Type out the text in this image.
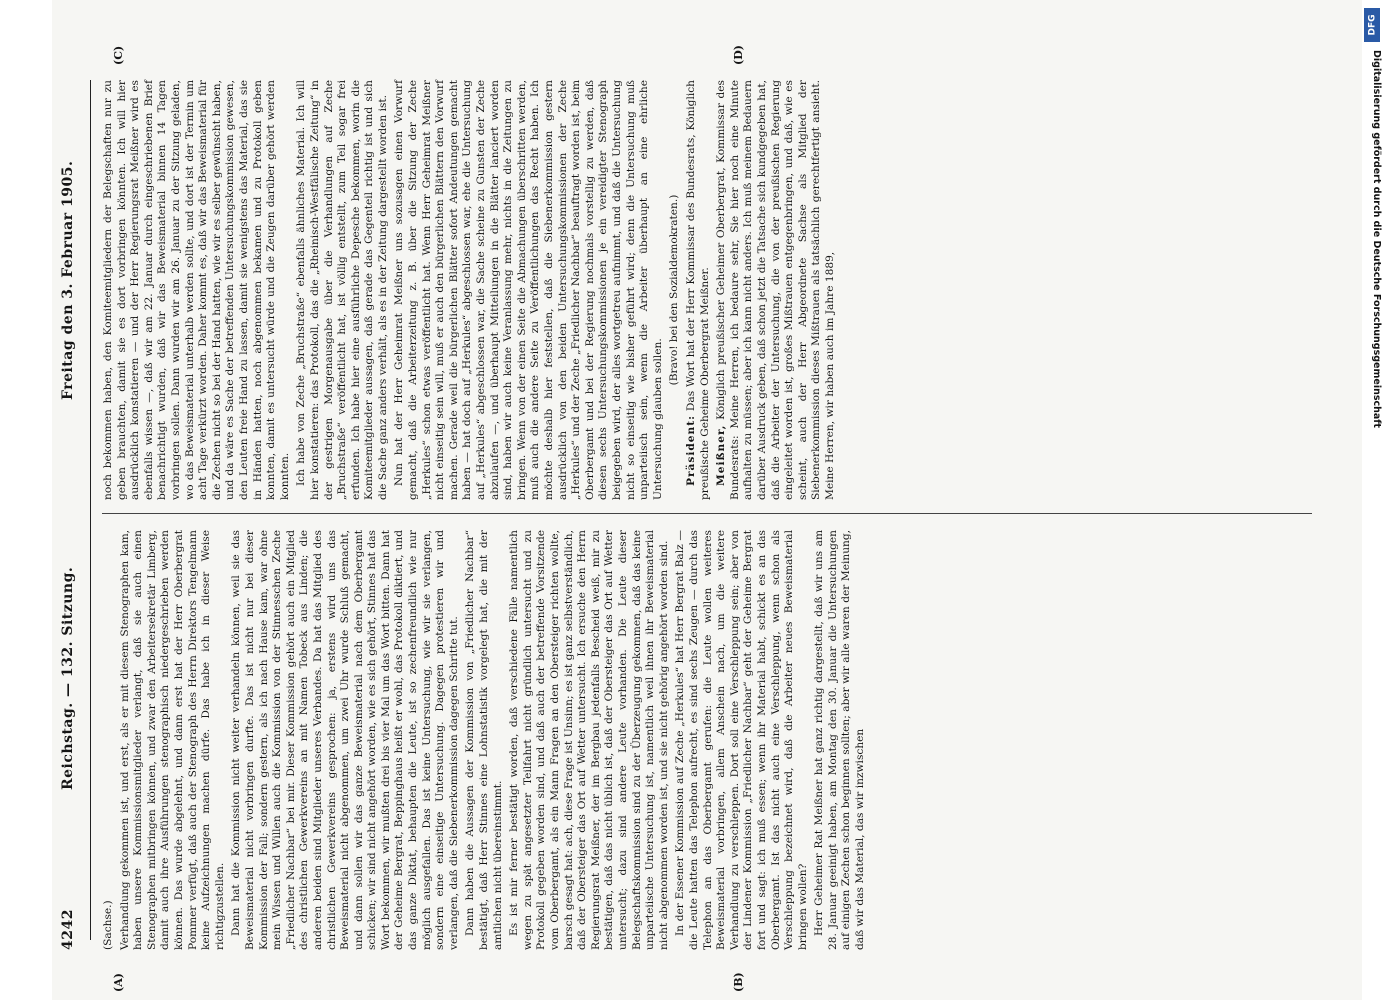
4242
Reichstag. — 132. Sitzung.
Freitag den 3. Februar 1905.

(Sachse.) Verhandlung gekommen ist, und erst, als er mit diesem Stenographen kam, haben unsere Kommissionsmitglieder verlangt, daß sie auch einen Stenographen mitbringen können, und zwar den Arbeitersekretär Limberg, damit auch ihre Ausführungen stenographisch niedergeschrieben werden können. Das wurde abgelehnt, und dann erst hat der Herr Oberbergrat Pommer verfügt, daß auch der Stenograph des Herrn Direktors Tengelmann keine Aufzeichnungen machen dürfe. Das habe ich in dieser Weise richtigzustellen. Dann hat die Kommission nicht weiter verhandeln können, weil sie das Beweismaterial nicht vorbringen durfte. Das ist nicht nur bei dieser Kommission der Fall; sondern gestern, als ich nach Hause kam, war ohne mein Wissen und Willen auch die Kommission von der Stinnesschen Zeche „Friedlicher Nachbar“ bei mir. Dieser Kommission gehört auch ein Mitglied des christlichen Gewerkvereins an mit Namen Tobeck aus Linden; die anderen beiden sind Mitglieder unseres Verbandes. Da hat das Mitglied des christlichen Gewerkvereins gesprochen: ja, erstens wird uns das Beweismaterial nicht abgenommen, um zwei Uhr wurde Schluß gemacht, und dann sollen wir das ganze Beweismaterial nach dem Oberbergamt schicken; wir sind nicht angehört worden, wie es sich gehört, Stinnes hat das Wort bekommen, wir mußten drei bis vier Mal um das Wort bitten. Dann hat der Geheime Bergrat, Beppinghaus heißt er wohl, das Protokoll diktiert, und das ganze Diktat, behaupten die Leute, ist so zechenfreundlich wie nur möglich ausgefallen. Das ist keine Untersuchung, wie wir sie verlangen, sondern eine einseitige Untersuchung. Dagegen protestieren wir und verlangen, daß die Siebenerkommission dagegen Schritte tut. Dann haben die Aussagen der Kommission von „Friedlicher Nachbar“ bestätigt, daß Herr Stinnes eine Lohnstatistik vorgelegt hat, die mit der amtlichen nicht übereinstimmt. Es ist mir ferner bestätigt worden, daß verschiedene Fälle namentlich wegen zu spät angesetzter Teilfahrt nicht gründlich untersucht und zu Protokoll gegeben worden sind, und daß auch der betreffende Vorsitzende vom Oberbergamt, als ein Mann Fragen an den Obersteiger richten wollte, barsch gesagt hat: ach, diese Frage ist Unsinn; es ist ganz selbstverständlich, daß der Obersteiger das Ort auf Wetter untersucht. Ich ersuche den Herrn Regierungsrat Meißner, der im Bergbau jedenfalls Bescheid weiß, mir zu bestätigen, daß das nicht üblich ist, daß der Obersteiger das Ort auf Wetter untersucht; dazu sind andere Leute vorhanden. Die Leute dieser Belegschaftskommission sind zu der Überzeugung gekommen, daß das keine unparteiische Untersuchung ist, namentlich weil ihnen ihr Beweismaterial nicht abgenommen worden ist, und sie nicht gehörig angehört worden sind. In der Essener Kommission auf Zeche „Herkules“ hat Herr Bergrat Balz — die Leute hatten das Telephon aufrecht, es sind sechs Zeugen — durch das Telephon an das Oberbergamt gerufen: die Leute wollen weiteres Beweismaterial vorbringen, allem Anschein nach, um die weitere Verhandlung zu verschleppen. Dort soll eine Verschleppung sein; aber von der Lindener Kommission „Friedlicher Nachbar“ geht der Geheime Bergrat fort und sagt: ich muß essen; wenn ihr Material habt, schickt es an das Oberbergamt. Ist das nicht auch eine Verschleppung, wenn schon als Verschleppung bezeichnet wird, daß die Arbeiter neues Beweismaterial bringen wollen? Herr Geheimer Rat Meißner hat ganz richtig dargestellt, daß wir uns am 28. Januar geeinigt haben, am Montag den 30. Januar die Untersuchungen auf einigen Zechen schon beginnen sollten; aber wir alle waren der Meinung, daß wir das Material, das wir inzwischen

noch bekommen haben, den Komiteemitgliedern der Belegschaften nur zu geben brauchten, damit sie es dort vorbringen könnten. Ich will hier ausdrücklich konstatieren — und der Herr Regierungsrat Meißner wird es ebenfalls wissen —, daß wir am 22. Januar durch eingeschriebenen Brief benachrichtigt wurden, daß wir das Beweismaterial binnen 14 Tagen vorbringen sollen. Dann wurden wir am 26. Januar zu der Sitzung geladen, wo das Beweismaterial unterhalb werden sollte, und dort ist der Termin um acht Tage verkürzt worden. Daher kommt es, daß wir das Beweismaterial für die Zechen nicht so bei der Hand hatten, wie wir es selber gewünscht haben, und da wäre es Sache der betreffenden Untersuchungskommission gewesen, den Leuten freie Hand zu lassen, damit sie wenigstens das Material, das sie in Händen hatten, noch abgenommen bekamen und zu Protokoll geben konnten, damit es untersucht würde und die Zeugen darüber gehört werden konnten. Ich habe von Zeche „Bruchstraße“ ebenfalls ähnliches Material. Ich will hier konstatieren: das Protokoll, das die „Rheinisch-Westfälische Zeitung“ in der gestrigen Morgenausgabe über die Verhandlungen auf Zeche „Bruchstraße“ veröffentlicht hat, ist völlig entstellt, zum Teil sogar frei erfunden. Ich habe hier eine ausführliche Depesche bekommen, worin die Komiteemitglieder aussagen, daß gerade das Gegenteil richtig ist und sich die Sache ganz anders verhält, als es in der Zeitung dargestellt worden ist. Nun hat der Herr Geheimrat Meißner uns sozusagen einen Vorwurf gemacht, daß die Arbeiterzeitung z. B. über die Sitzung der Zeche „Herkules“ schon etwas veröffentlicht hat. Wenn Herr Geheimrat Meißner nicht einseitig sein will, muß er auch den bürgerlichen Blättern den Vorwurf machen. Gerade weil die bürgerlichen Blätter sofort Andeutungen gemacht haben — hat doch auf „Herkules“ abgeschlossen war, ehe die Untersuchung auf „Herkules“ abgeschlossen war, die Sache scheine zu Gunsten der Zeche abzulaufen —, und überhaupt Mitteilungen in die Blätter lanciert worden sind, haben wir auch keine Veranlassung mehr, nichts in die Zeitungen zu bringen. Wenn von der einen Seite die Abmachungen überschritten werden, muß auch die andere Seite zu Veröffentlichungen das Recht haben. Ich möchte deshalb hier feststellen, daß die Siebenerkommission gestern ausdrücklich von den beiden Untersuchungskommissionen der Zeche „Herkules“ und der Zeche „Friedlicher Nachbar“ beauftragt worden ist, beim Oberbergamt und bei der Regierung nochmals vorstellig zu werden, daß diesen sechs Untersuchungskommissionen je ein vereidigter Stenograph beigegeben wird, der alles wortgetreu aufnimmt, und daß die Untersuchung nicht so einseitig wie bisher geführt wird; denn die Untersuchung muß unparteiisch sein, wenn die Arbeiter überhaupt an eine ehrliche Untersuchung glauben sollen.

(Bravo! bei den Sozialdemokraten.)

Präsident: Das Wort hat der Herr Kommissar des Bundesrats, Königlich preußische Geheime Oberbergrat Meißner. Meißner, Königlich preußischer Geheimer Oberbergrat, Kommissar des Bundesrats: Meine Herren, ich bedaure sehr, Sie hier noch eine Minute aufhalten zu müssen; aber ich kann nicht anders. Ich muß meinem Bedauern darüber Ausdruck geben, daß schon jetzt die Tatsache sich kundgegeben hat, daß die Arbeiter der Untersuchung, die von der preußischen Regierung eingeleitet worden ist, großes Mißtrauen entgegenbringen, und daß, wie es scheint, auch der Herr Abgeordnete Sachse als Mitglied der Siebenerkommission dieses Mißtrauen als tatsächlich gerechtfertigt ansieht. Meine Herren, wir haben auch im Jahre 1889,

(A)	(B)
(C)	(D)
DFG
Digitalisierung gefördert durch die Deutsche Forschungsgemeinschaft
